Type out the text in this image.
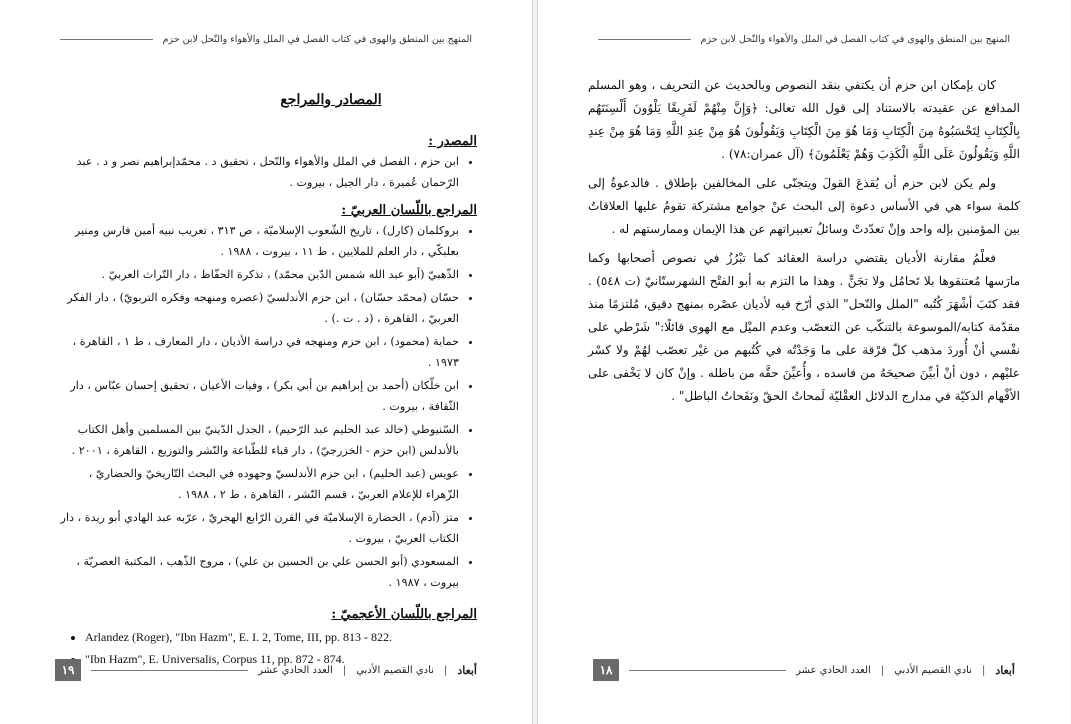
المنهج بين المنطق والهوى في كتاب الفصل في الملل والأهواء والنّحل لابن حزم
المصادر والمراجع
المصدر :
• ابن حزم ، الفصل في الملل والأهواء والنّحل ، تحقيق د . محمّدإبراهيم نصر و د . عبد الرّحمان عُميرة ، دار الجيل ، بيروت .
المراجع باللّسان العربيّ :
• بروكلمان (كارل) ، تاريخ الشّعوب الإسلاميّة ، ص ٣١٣ ، تعريب نبيه أمين فارس ومنير بعلبكّي ، دار العلم للملايين ، ط ١١ ، بيروت ، ١٩٨٨ .
• الذّهبيّ (أبو عبد الله شمس الدّين محمّد) ، تذكرة الحفّاظ ، دار التّراث العربيّ .
• حسّان (محمّد حسّان) ، ابن حزم الأندلسيّ (عصره ومنهجه وفكره التربويّ) ، دار الفكر العربيّ ، القاهرة ، (د . ت .) .
• حماية (محمود) ، ابن حزم ومنهجه في دراسة الأديان ، دار المعارف ، ط ١ ، القاهرة ، ١٩٧٣ .
• ابن خلّكان (أحمد بن إبراهيم بن أبي بكر) ، وفيات الأعيان ، تحقيق إحسان عبّاس ، دار الثّقافة ، بيروت .
• السّنيوطي (خالد عبد الحليم عبد الرّحيم) ، الجدل الدّينيّ بين المسلمين وأهل الكتاب بالأندلس (ابن حزم - الخزرجيّ) ، دار قباء للطّباعة والنّشر والتوزيع ، القاهرة ، ٢٠٠١ .
• عويس (عبد الحليم) ، ابن حزم الأندلسيّ وجهوده في البحث التّاريخيّ والحضاريّ ، الزّهراء للإعلام العربيّ ، قسم النّشر ، القاهرة ، ط ٢ ، ١٩٨٨ .
• متز (آدم) ، الحضارة الإسلاميّة في القرن الرّابع الهجريّ ، عرّبه عبد الهادي أبو ريدة ، دار الكتاب العربيّ ، بيروت .
• المسعودي (أبو الحسن علي بن الحسين بن علي) ، مروج الذّهب ، المكتبة العصريّة ، بيروت ، ١٩٨٧ .
المراجع باللّسان الأعجميّ :
• Arlandez (Roger), "Ibn Hazm", E. I. 2, Tome, III, pp. 813 - 822.
• "Ibn Hazm", E. Universalis, Corpus 11, pp. 872 - 874.
أبعاد
|
نادي القصيم الأدبي
|
العدد الحادي عشر
١٩
المنهج بين المنطق والهوى في كتاب الفصل في الملل والأهواء والنّحل لابن حزم

كان بإمكان ابن حزم أن يكتفي بنقد النصوص وبالحديث عن التحريف ، وهو المسلم المدافع عن عقيدته بالاستناد إلى قول الله تعالى: ﴿وَإِنَّ مِنْهُمْ لَفَرِيقًا يَلْوُونَ أَلْسِنَتَهُم بِالْكِتَابِ لِتَحْسَبُوهُ مِنَ الْكِتَابِ وَمَا هُوَ مِنَ الْكِتَابِ وَيَقُولُونَ هُوَ مِنْ عِندِ اللَّهِ وَمَا هُوَ مِنْ عِندِ اللَّهِ وَيَقُولُونَ عَلَى اللَّهِ الْكَذِبَ وَهُمْ يَعْلَمُونَ﴾ (آل عمران:٧٨) .

ولم يكن لابن حزم أن يُقذعَ القولَ ويتجنّى على المخالفين بإطلاق . فالدعوةُ إلى كلمة سواء هي في الأساس دعوة إلى البحث عنْ جوامع مشتركة تقومُ عليها العلاقاتُ بين المؤمنين بإله واحد وإنْ تعدّدتْ وسائلُ تعبيراتهم عن هذا الإيمان وممارستهم له .

فعلْمُ مقارنة الأديان يقتضي دراسة العقائد كما تبْرُزُ في نصوص أصحابها وكما مارَسها مُعتنقوها بلا تَحامُل ولا تجَنٍّ . وهذا ما التزم به أبو الفتْح الشهرستّانيّ (ت ٥٤٨) . فقد كتَبَ أشْهَرَ كُتُبه "الملل والنّحل" الذي أرّخ فيه لأديان عصْره بمنهج دقيق، مُلتزمًا منذ مقدّمة كتابه/الموسوعة بالتنكّب عن التعصّب وعدم الميْل مع الهوى قائلًا:" شَرْطي على نفْسي أنْ أُوردَ مذهب كلّ فرْقة على ما وَجَدْتُه في كُتُبهم من غيْر تعصّب لهُمْ ولا كسْر عليْهم ، دون أنْ أبيِّنَ صحيحَهُ من فاسده ، وأُعيِّنَ حقَّه من باطله . وإنْ كان لا يَخْفى على الأفْهام الذكيّة في مدارج الدلائل العقْليّة لَمحاتُ الحقّ ونَفَحاتُ الباطل" .

أبعاد
|
نادي القصيم الأدبي
|
العدد الحادي عشر
١٨
